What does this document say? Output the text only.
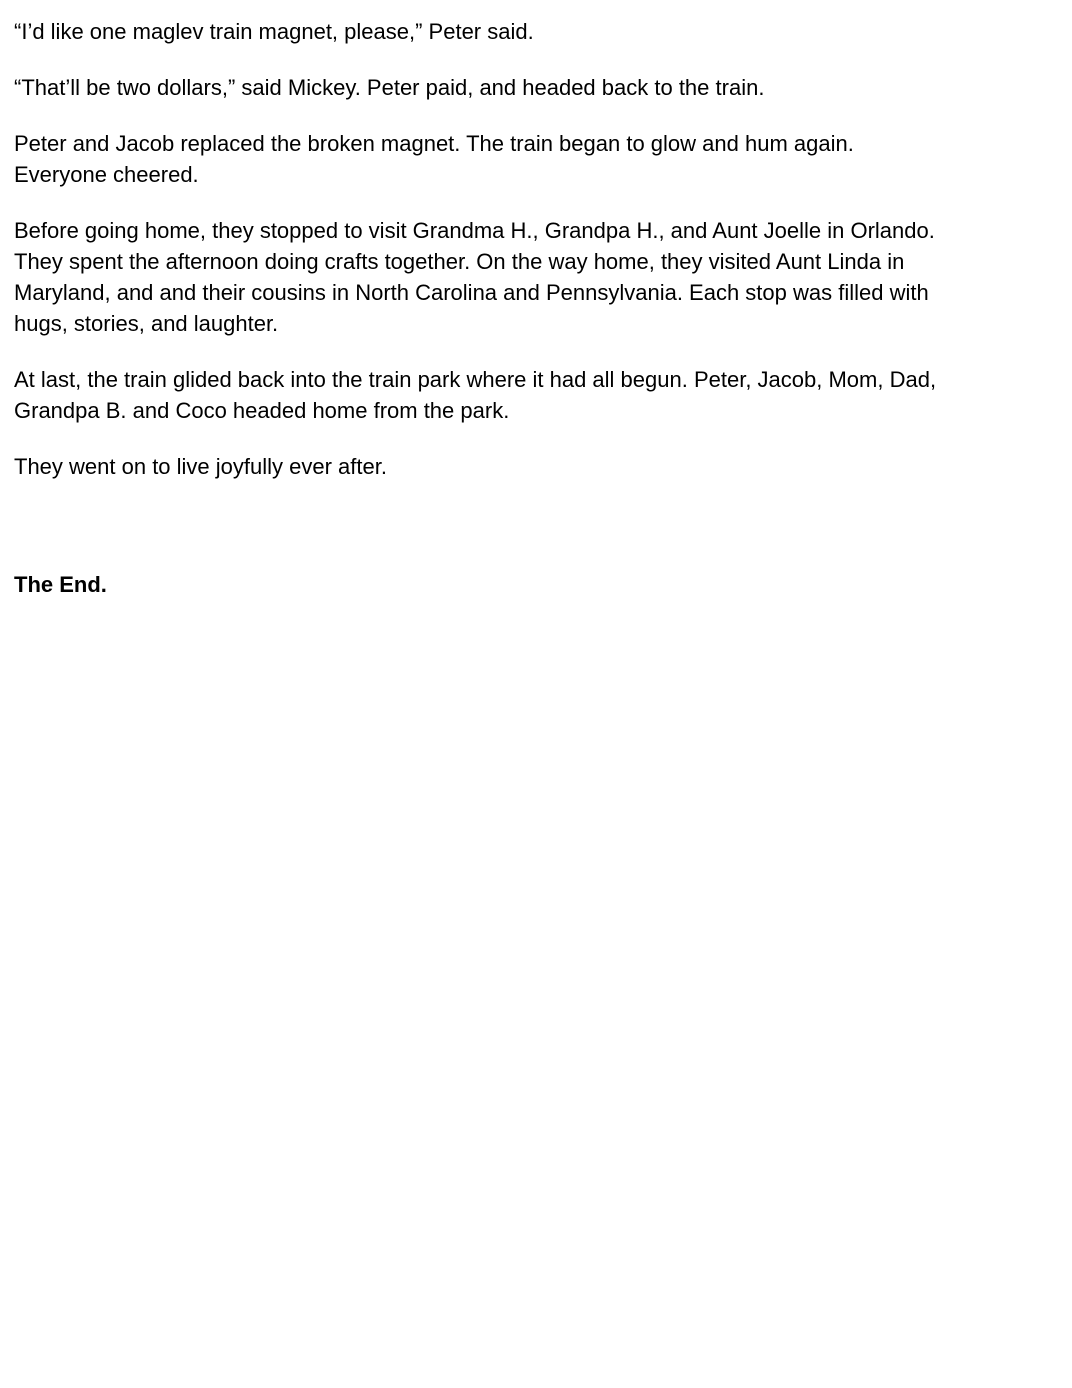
“I’d like one maglev train magnet, please,” Peter said.

“That’ll be two dollars,” said Mickey. Peter paid, and headed back to the train.

Peter and Jacob replaced the broken magnet. The train began to glow and hum again.
Everyone cheered.

Before going home, they stopped to visit Grandma H., Grandpa H., and Aunt Joelle in Orlando.
They spent the afternoon doing crafts together. On the way home, they visited Aunt Linda in
Maryland, and and their cousins in North Carolina and Pennsylvania. Each stop was filled with
hugs, stories, and laughter.

At last, the train glided back into the train park where it had all begun. Peter, Jacob, Mom, Dad,
Grandpa B. and Coco headed home from the park.

They went on to live joyfully ever after.

The End.
